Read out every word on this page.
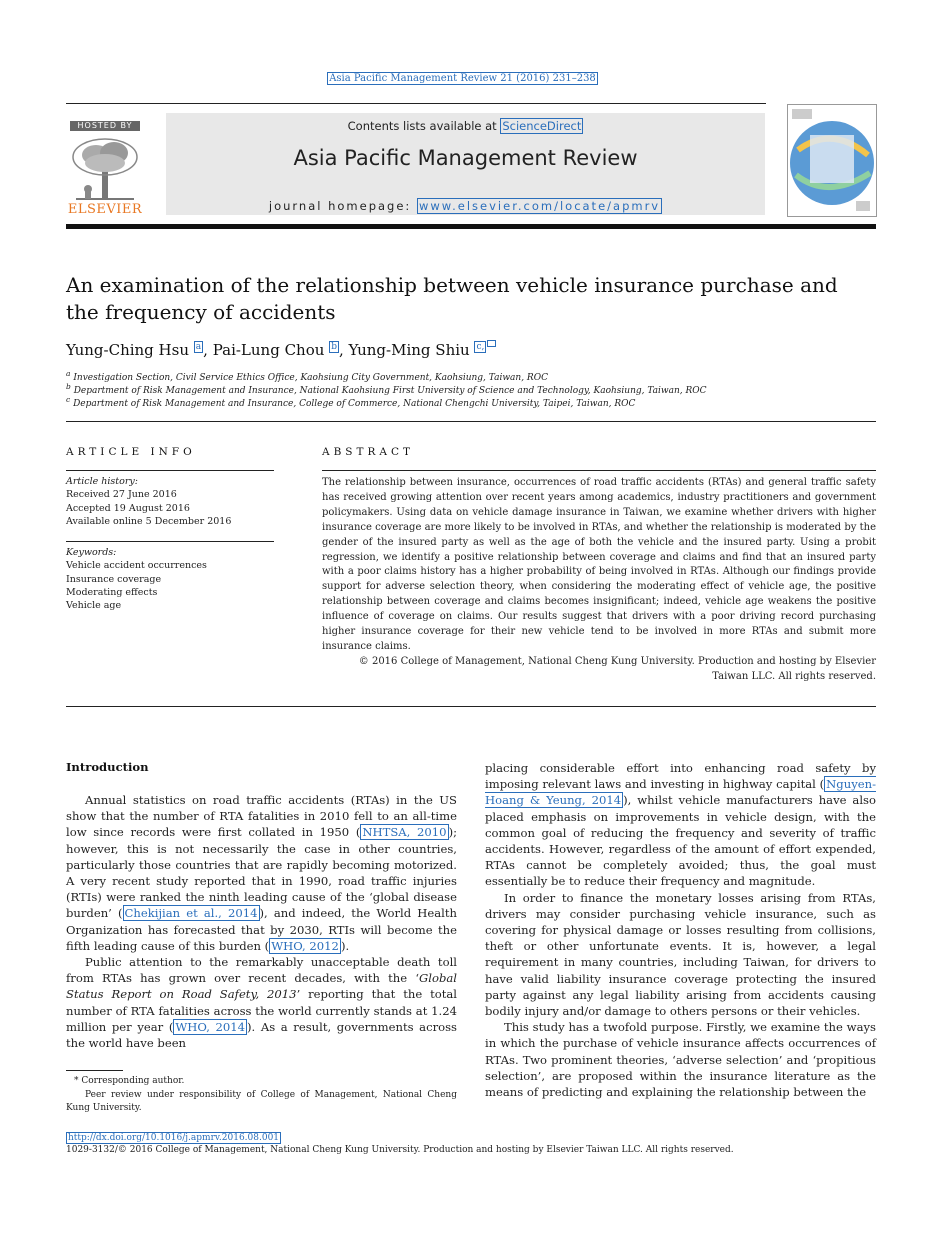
Asia Pacific Management Review 21 (2016) 231–238
HOSTED BY
ELSEVIER
Contents lists available at ScienceDirect
Asia Pacific Management Review
journal homepage: www.elsevier.com/locate/apmrv
An examination of the relationship between vehicle insurance purchase and the frequency of accidents
Yung-Ching Hsu $^a$ , Pai-Lung Chou $^b$ , Yung-Ming Shiu $^{c,}$
$^a$ Investigation Section, Civil Service Ethics Office, Kaohsiung City Government, Kaohsiung, Taiwan, ROC
$^b$ Department of Risk Management and Insurance, National Kaohsiung First University of Science and Technology, Kaohsiung, Taiwan, ROC
$^c$ Department of Risk Management and Insurance, College of Commerce, National Chengchi University, Taipei, Taiwan, ROC
ARTICLE INFO
Article history:
Received 27 June 2016
Accepted 19 August 2016
Available online 5 December 2016
Keywords:
Vehicle accident occurrences
Insurance coverage
Moderating effects
Vehicle age
ABSTRACT
The relationship between insurance, occurrences of road traffic accidents (RTAs) and general traffic safety has received growing attention over recent years among academics, industry practitioners and government policymakers. Using data on vehicle damage insurance in Taiwan, we examine whether drivers with higher insurance coverage are more likely to be involved in RTAs, and whether the relationship is moderated by the gender of the insured party as well as the age of both the vehicle and the insured party. Using a probit regression, we identify a positive relationship between coverage and claims and find that an insured party with a poor claims history has a higher probability of being involved in RTAs. Although our findings provide support for adverse selection theory, when considering the moderating effect of vehicle age, the positive relationship between coverage and claims becomes insignificant; indeed, vehicle age weakens the positive influence of coverage on claims. Our results suggest that drivers with a poor driving record purchasing higher insurance coverage for their new vehicle tend to be involved in more RTAs and submit more insurance claims.
© 2016 College of Management, National Cheng Kung University. Production and hosting by Elsevier Taiwan LLC. All rights reserved.
Introduction

Annual statistics on road traffic accidents (RTAs) in the US show that the number of RTA fatalities in 2010 fell to an all-time low since records were first collated in 1950 ( NHTSA, 2010 ); however, this is not necessarily the case in other countries, particularly those countries that are rapidly becoming motorized. A very recent study reported that in 1990, road traffic injuries (RTIs) were ranked the ninth leading cause of the ‘global disease burden’ ( Chekijian et al., 2014 ), and indeed, the World Health Organization has forecasted that by 2030, RTIs will become the fifth leading cause of this burden ( WHO, 2012 ).

Public attention to the remarkably unacceptable death toll from RTAs has grown over recent decades, with the ‘Global Status Report on Road Safety, 2013’ reporting that the total number of RTA fatalities across the world currently stands at 1.24 million per year ( WHO, 2014 ). As a result, governments across the world have been

placing considerable effort into enhancing road safety by imposing relevant laws and investing in highway capital ( Nguyen-Hoang & Yeung, 2014 ), whilst vehicle manufacturers have also placed emphasis on improvements in vehicle design, with the common goal of reducing the frequency and severity of traffic accidents. However, regardless of the amount of effort expended, RTAs cannot be completely avoided; thus, the goal must essentially be to reduce their frequency and magnitude.

In order to finance the monetary losses arising from RTAs, drivers may consider purchasing vehicle insurance, such as covering for physical damage or losses resulting from collisions, theft or other unfortunate events. It is, however, a legal requirement in many countries, including Taiwan, for drivers to have valid liability insurance coverage protecting the insured party against any legal liability arising from accidents causing bodily injury and/or damage to others persons or their vehicles.

This study has a twofold purpose. Firstly, we examine the ways in which the purchase of vehicle insurance affects occurrences of RTAs. Two prominent theories, ‘adverse selection’ and ‘propitious selection’, are proposed within the insurance literature as the means of predicting and explaining the relationship between the

* Corresponding author.
Peer review under responsibility of College of Management, National Cheng Kung University.
http://dx.doi.org/10.1016/j.apmrv.2016.08.001
1029-3132/© 2016 College of Management, National Cheng Kung University. Production and hosting by Elsevier Taiwan LLC. All rights reserved.
